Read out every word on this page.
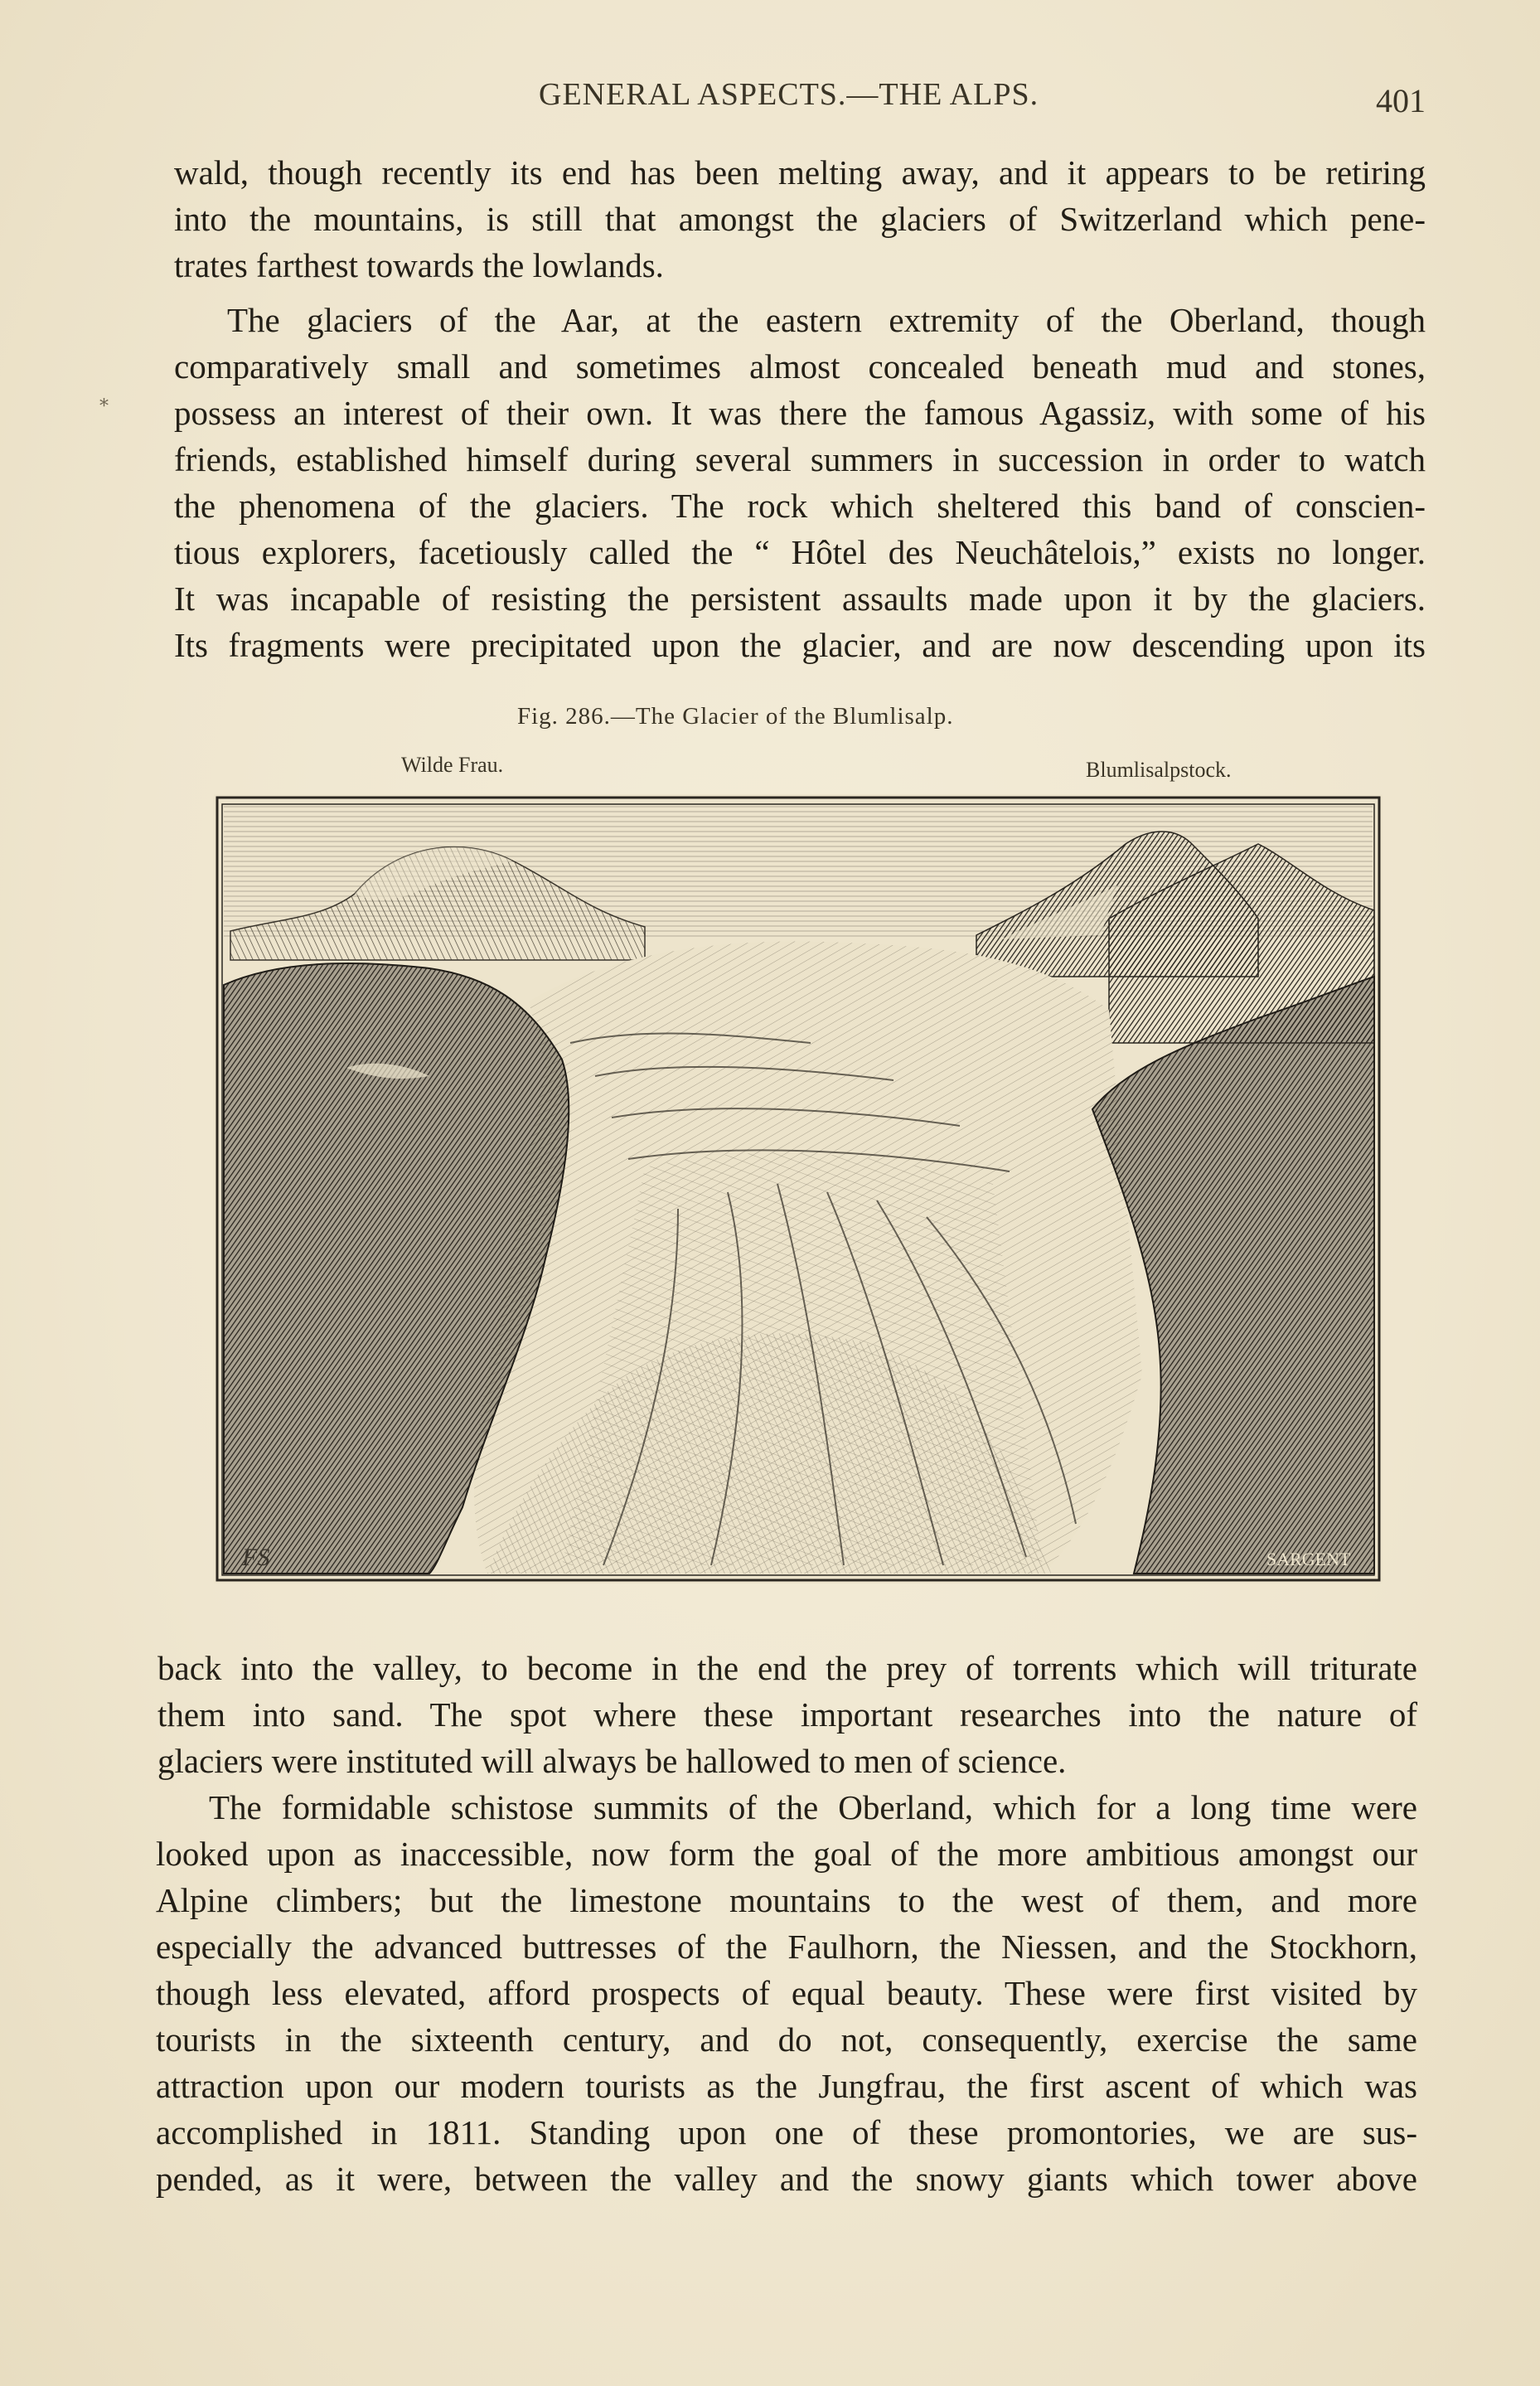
GENERAL ASPECTS.—THE ALPS.	401
*
wald, though recently its end has been melting away, and it appears to be retiring
into the mountains, is still that amongst the glaciers of Switzerland which pene-
trates farthest towards the lowlands.
The glaciers of the Aar, at the eastern extremity of the Oberland, though
comparatively small and sometimes almost concealed beneath mud and stones,
possess an interest of their own. It was there the famous Agassiz, with some of his
friends, established himself during several summers in succession in order to watch
the phenomena of the glaciers. The rock which sheltered this band of conscien-
tious explorers, facetiously called the “ Hôtel des Neuchâtelois,” exists no longer.
It was incapable of resisting the persistent assaults made upon it by the glaciers.
Its fragments were precipitated upon the glacier, and are now descending upon its
Fig. 286.—The Glacier of the Blumlisalp.
Wilde Frau.	Blumlisalpstock.
FS	SARGENT
back into the valley, to become in the end the prey of torrents which will triturate
them into sand. The spot where these important researches into the nature of
glaciers were instituted will always be hallowed to men of science.
The formidable schistose summits of the Oberland, which for a long time were
looked upon as inaccessible, now form the goal of the more ambitious amongst our
Alpine climbers; but the limestone mountains to the west of them, and more
especially the advanced buttresses of the Faulhorn, the Niessen, and the Stockhorn,
though less elevated, afford prospects of equal beauty. These were first visited by
tourists in the sixteenth century, and do not, consequently, exercise the same
attraction upon our modern tourists as the Jungfrau, the first ascent of which was
accomplished in 1811. Standing upon one of these promontories, we are sus-
pended, as it were, between the valley and the snowy giants which tower above
